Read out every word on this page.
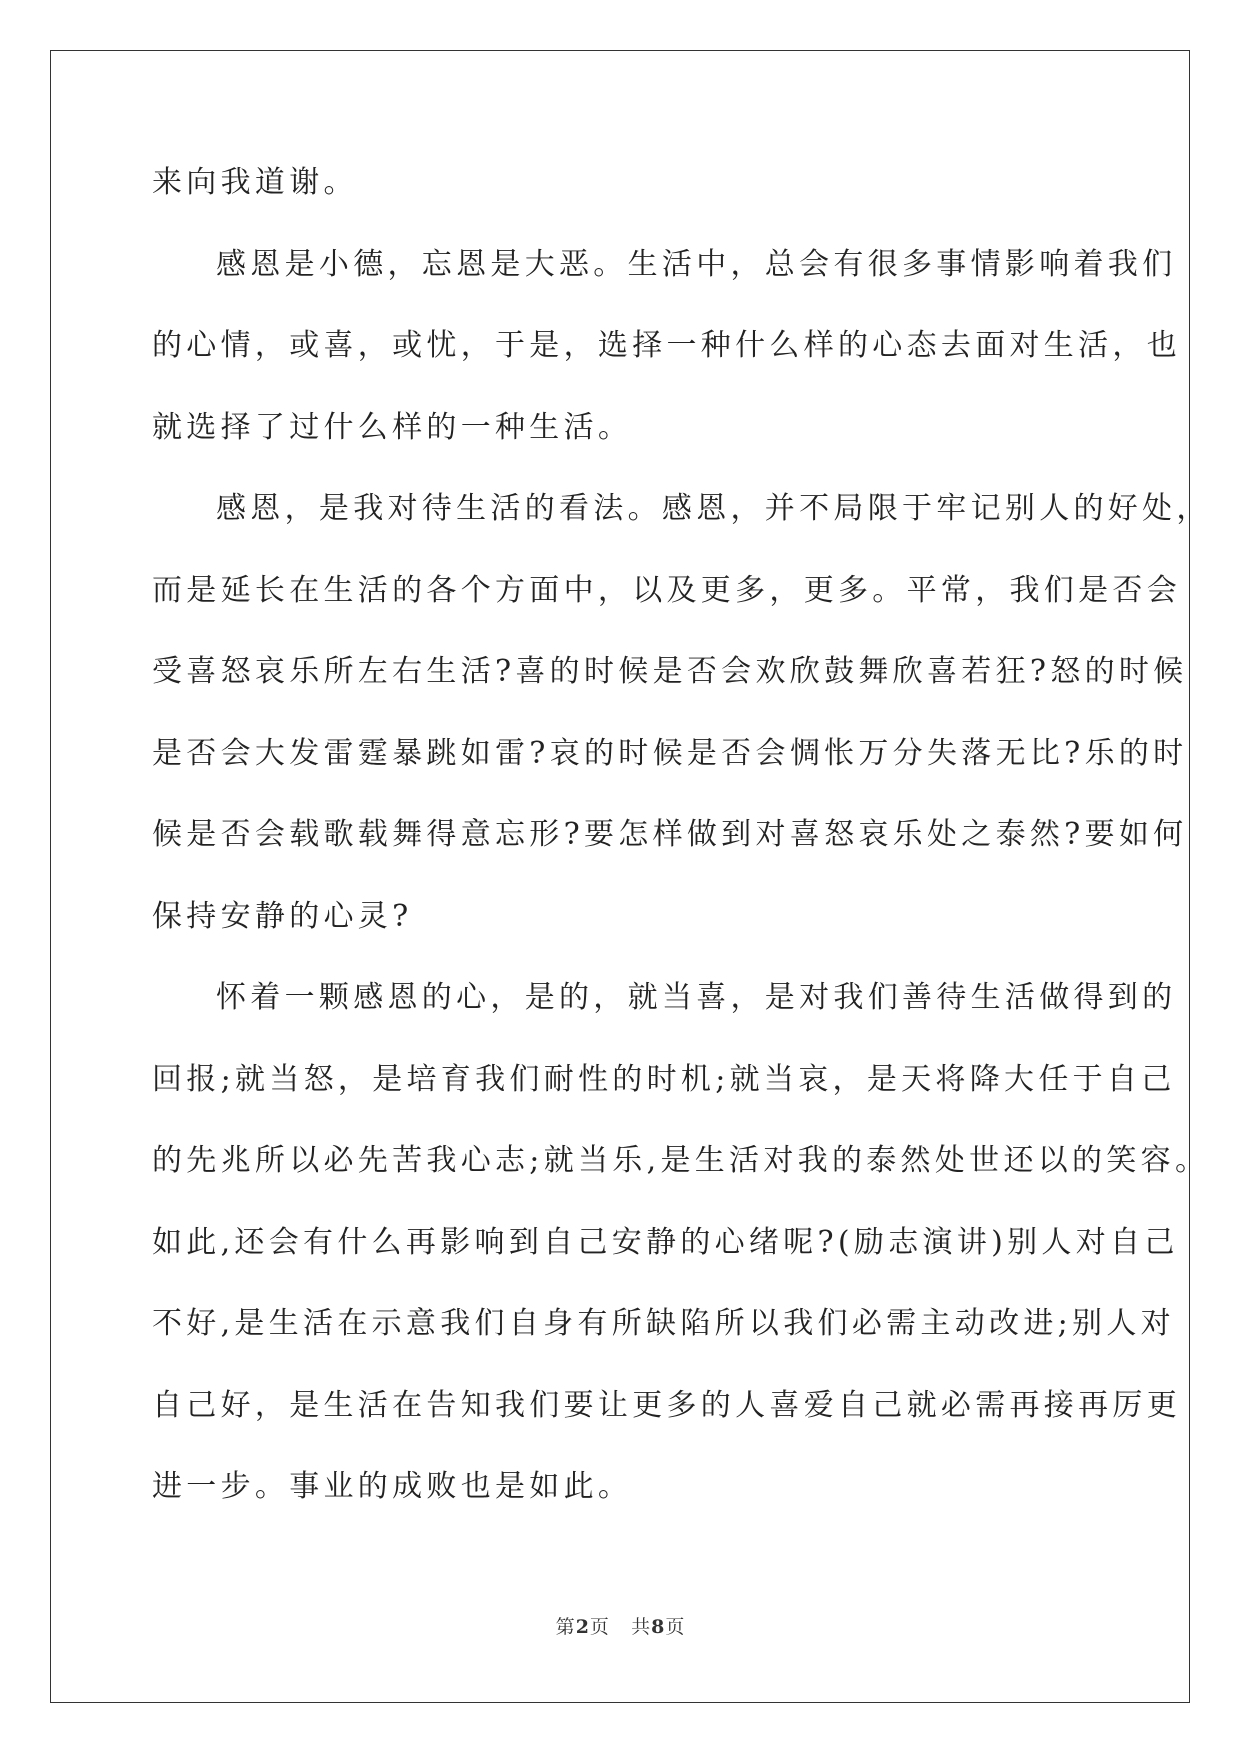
来向我道谢。
感恩是小德，忘恩是大恶。生活中，总会有很多事情影响着我们
的心情，或喜，或忧，于是，选择一种什么样的心态去面对生活，也
就选择了过什么样的一种生活。
感恩，是我对待生活的看法。感恩，并不局限于牢记别人的好处，
而是延长在生活的各个方面中，以及更多，更多。平常，我们是否会
受喜怒哀乐所左右生活?喜的时候是否会欢欣鼓舞欣喜若狂?怒的时候
是否会大发雷霆暴跳如雷?哀的时候是否会惆怅万分失落无比?乐的时
候是否会载歌载舞得意忘形?要怎样做到对喜怒哀乐处之泰然?要如何
保持安静的心灵?
怀着一颗感恩的心，是的，就当喜，是对我们善待生活做得到的
回报;就当怒，是培育我们耐性的时机;就当哀，是天将降大任于自己
的先兆所以必先苦我心志;就当乐,是生活对我的泰然处世还以的笑容。
如此,还会有什么再影响到自己安静的心绪呢?(励志演讲)别人对自己
不好,是生活在示意我们自身有所缺陷所以我们必需主动改进;别人对
自己好，是生活在告知我们要让更多的人喜爱自己就必需再接再厉更
进一步。事业的成败也是如此。
第2页 共8页
